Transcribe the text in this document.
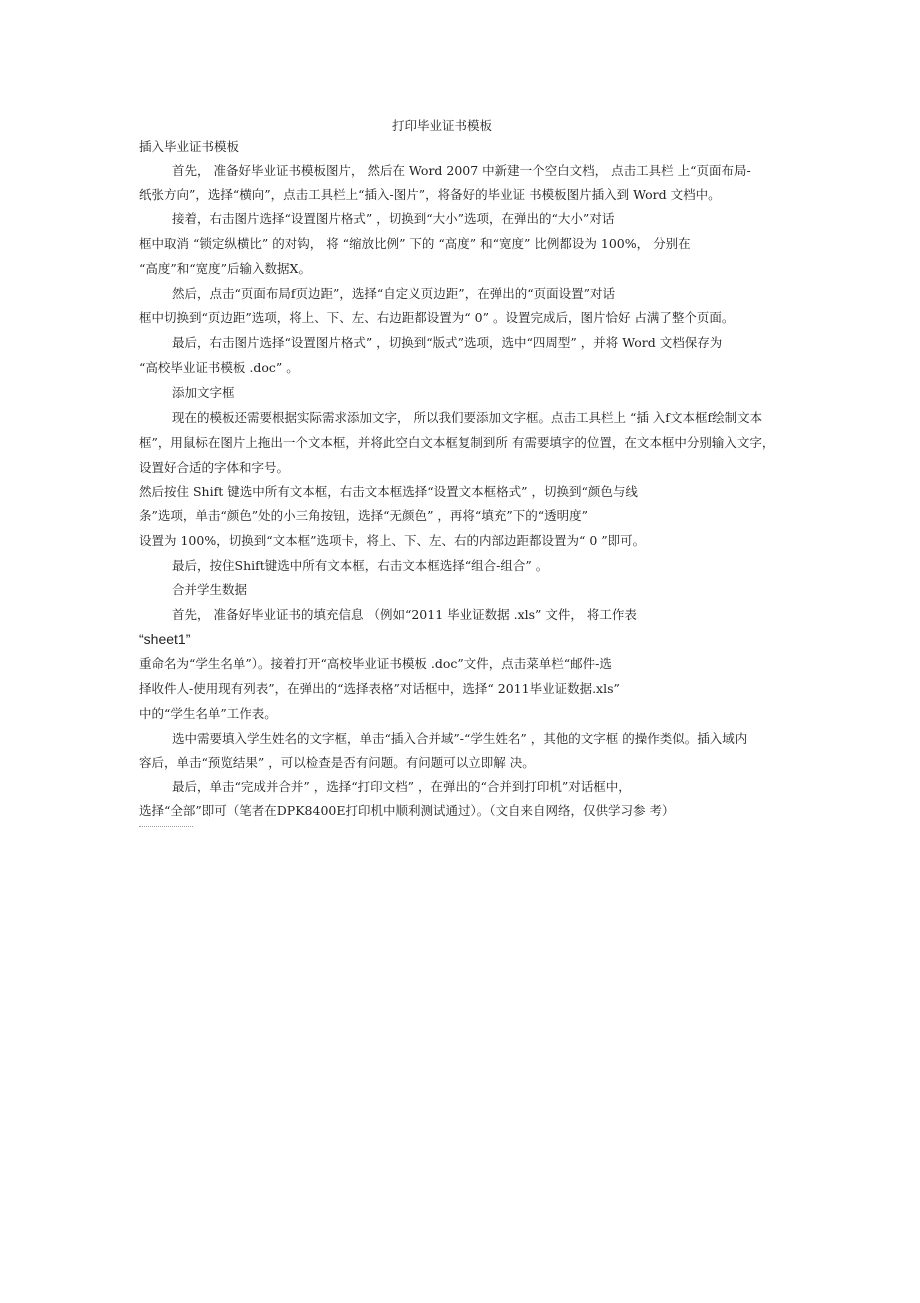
打印毕业证书模板
插入毕业证书模板
首先， 准备好毕业证书模板图片， 然后在 Word 2007 中新建一个空白文档， 点击工具栏 上“页面布局-
纸张方向”，选择“横向”，点击工具栏上“插入-图片”，将备好的毕业证 书模板图片插入到 Word 文档中。
接着，右击图片选择“设置图片格式” ，切换到“大小”选项，在弹出的“大小”对话
框中取消 “锁定纵横比” 的对钩， 将 “缩放比例” 下的 “高度” 和“宽度” 比例都设为 100%， 分别在
“高度”和“宽度”后输入数据X。
然后，点击“页面布局f页边距”，选择“自定义页边距”，在弹出的“页面设置”对话
框中切换到“页边距”选项，将上、下、左、右边距都设置为“ 0” 。设置完成后，图片恰好 占满了整个页面。
最后，右击图片选择“设置图片格式” ，切换到“版式”选项，选中“四周型” ，并将 Word 文档保存为
“高校毕业证书模板 .doc” 。
添加文字框
现在的模板还需要根据实际需求添加文字， 所以我们要添加文字框。点击工具栏上 “插 入f文本框f绘制文本
框”，用鼠标在图片上拖出一个文本框，并将此空白文本框复制到所 有需要填字的位置，在文本框中分别输入文字，
设置好合适的字体和字号。
然后按住 Shift 键选中所有文本框，右击文本框选择“设置文本框格式” ，切换到“颜色与线
条”选项，单击“颜色”处的小三角按钮，选择“无颜色” ，再将“填充”下的“透明度”
设置为 100%，切换到“文本框”选项卡，将上、下、左、右的内部边距都设置为“ 0 ”即可。
最后，按住Shift键选中所有文本框，右击文本框选择“组合-组合” 。
合并学生数据
首先， 准备好毕业证书的填充信息 （例如“2011 毕业证数据 .xls” 文件， 将工作表
“sheet1”
重命名为“学生名单”）。接着打开“高校毕业证书模板 .doc”文件，点击菜单栏“邮件-选
择收件人-使用现有列表”，在弹出的“选择表格”对话框中，选择“ 2011毕业证数据.xls”
中的“学生名单”工作表。
选中需要填入学生姓名的文字框，单击“插入合并域”-“学生姓名” ，其他的文字框 的操作类似。插入域内
容后，单击“预览结果” ，可以检查是否有问题。有问题可以立即解 决。
最后，单击“完成并合并” ，选择“打印文档” ，在弹出的“合并到打印机”对话框中，
选择“全部”即可（笔者在DPK8400E打印机中顺利测试通过）。（文自来自网络，仅供学习参 考）
